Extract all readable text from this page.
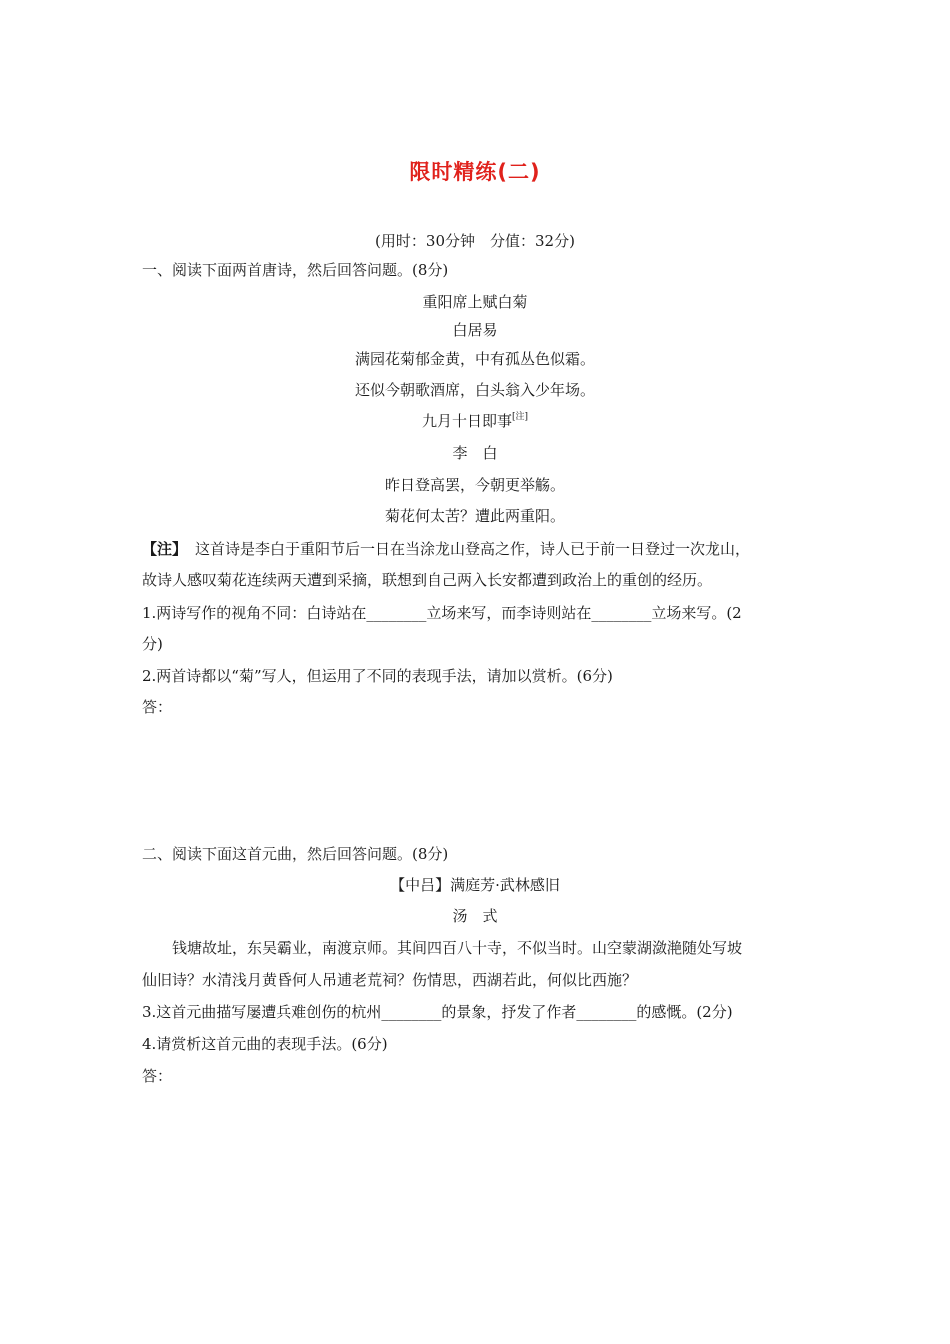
限时精练(二)
(用时：30分钟　分值：32分)
一、阅读下面两首唐诗，然后回答问题。(8分)
重阳席上赋白菊
白居易
满园花菊郁金黄，中有孤丛色似霜。
还似今朝歌酒席，白头翁入少年场。
九月十日即事[注]
李　白
昨日登高罢，今朝更举觞。
菊花何太苦？遭此两重阳。
【注】 这首诗是李白于重阳节后一日在当涂龙山登高之作，诗人已于前一日登过一次龙山，
故诗人感叹菊花连续两天遭到采摘，联想到自己两入长安都遭到政治上的重创的经历。
1.两诗写作的视角不同：白诗站在________立场来写，而李诗则站在________立场来写。(2
分)
2.两首诗都以“菊”写人，但运用了不同的表现手法，请加以赏析。(6分)
答：
二、阅读下面这首元曲，然后回答问题。(8分)
【中吕】满庭芳·武林感旧
汤　式
钱塘故址，东吴霸业，南渡京师。其间四百八十寺，不似当时。山空蒙湖潋滟随处写坡
仙旧诗？水清浅月黄昏何人吊逋老荒祠？伤情思，西湖若此，何似比西施？
3.这首元曲描写屡遭兵难创伤的杭州________的景象，抒发了作者________的感慨。(2分)
4.请赏析这首元曲的表现手法。(6分)
答：
